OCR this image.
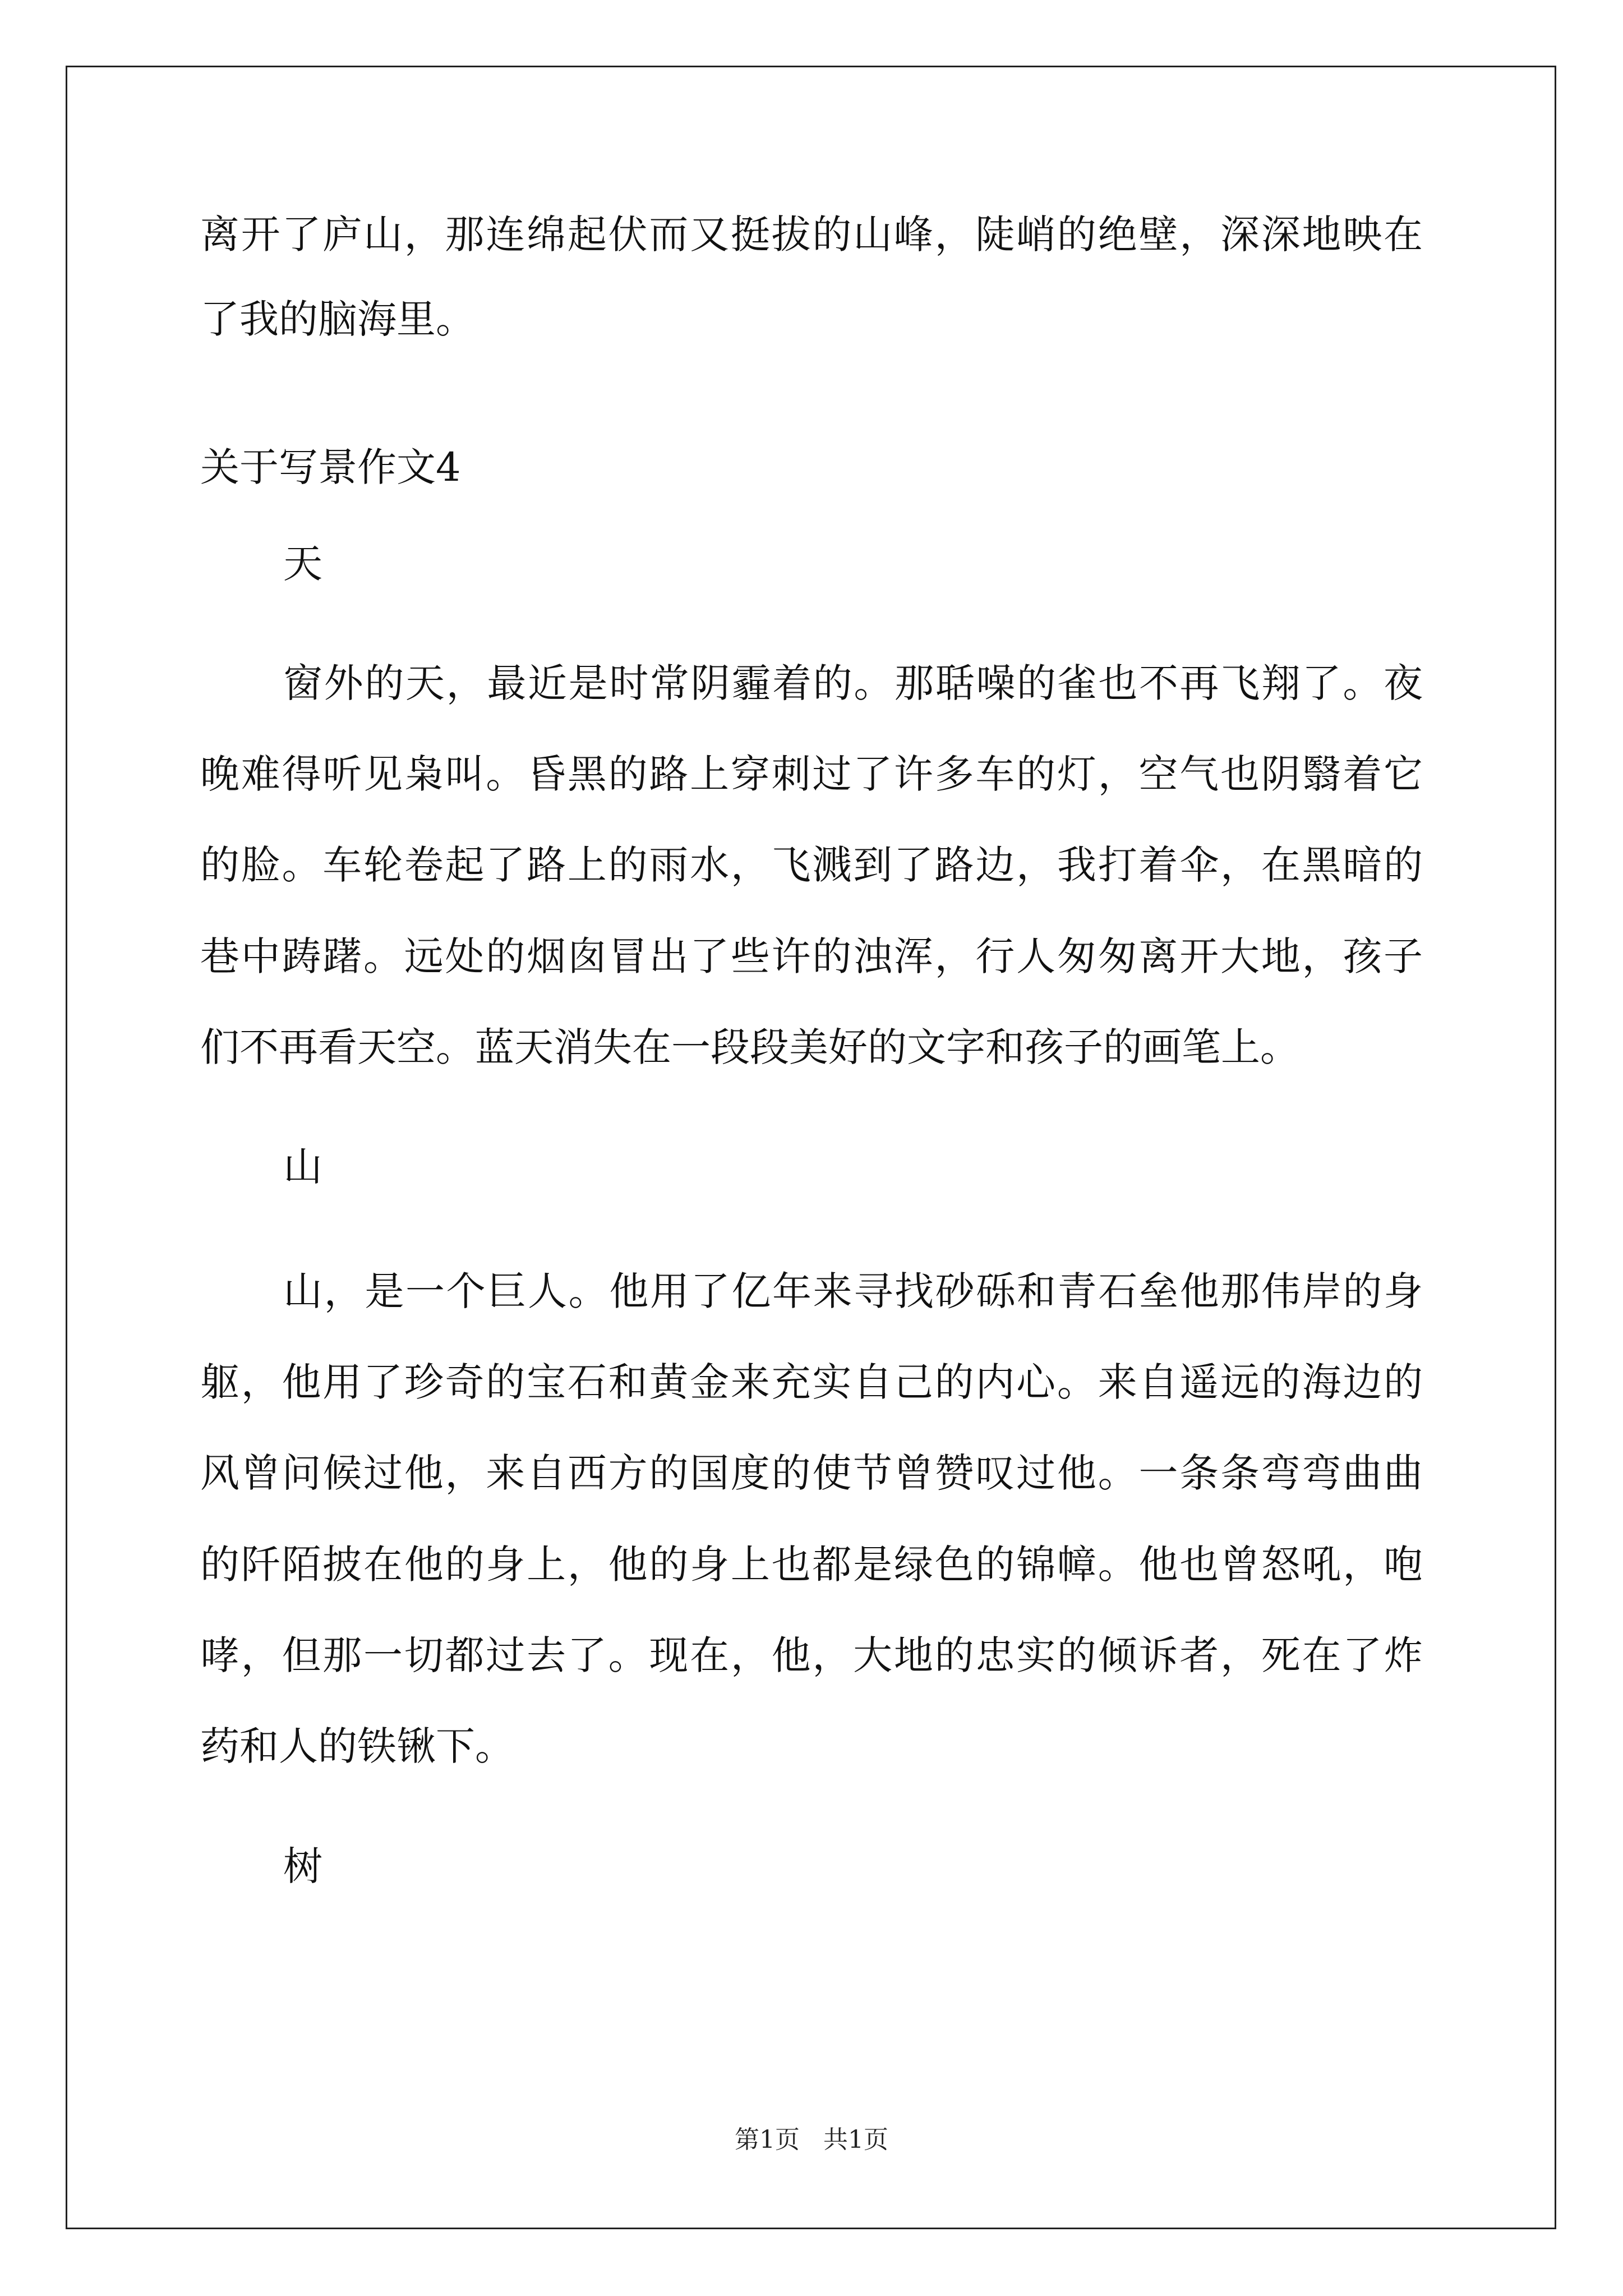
离开了庐山，那连绵起伏而又挺拔的山峰，陡峭的绝壁，深深地映在
了我的脑海里。
关于写景作文4
天
窗外的天，最近是时常阴霾着的。那聒噪的雀也不再飞翔了。夜
晚难得听见枭叫。昏黑的路上穿刺过了许多车的灯，空气也阴翳着它
的脸。车轮卷起了路上的雨水，飞溅到了路边，我打着伞，在黑暗的
巷中踌躇。远处的烟囱冒出了些许的浊浑，行人匆匆离开大地，孩子
们不再看天空。蓝天消失在一段段美好的文字和孩子的画笔上。
山
山，是一个巨人。他用了亿年来寻找砂砾和青石垒他那伟岸的身
躯，他用了珍奇的宝石和黄金来充实自己的内心。来自遥远的海边的
风曾问候过他，来自西方的国度的使节曾赞叹过他。一条条弯弯曲曲
的阡陌披在他的身上，他的身上也都是绿色的锦幛。他也曾怒吼，咆
哮，但那一切都过去了。现在，他，大地的忠实的倾诉者，死在了炸
药和人的铁锹下。
树
第1页   共1页
